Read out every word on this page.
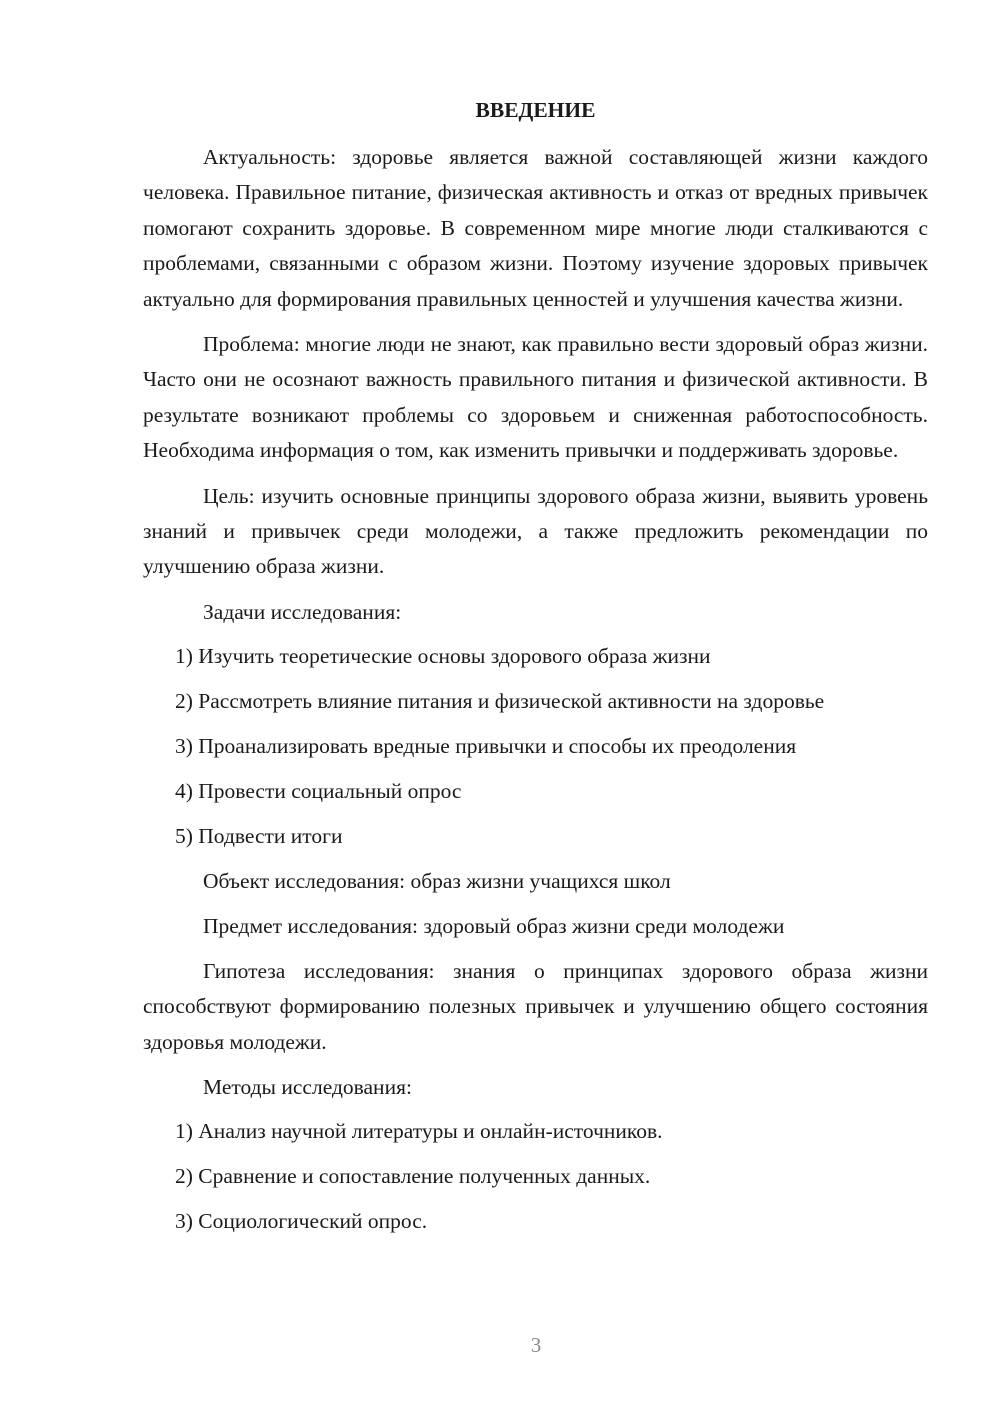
ВВЕДЕНИЕ

Актуальность: здоровье является важной составляющей жизни каждого человека. Правильное питание, физическая активность и отказ от вредных привычек помогают сохранить здоровье. В современном мире многие люди сталкиваются с проблемами, связанными с образом жизни. Поэтому изучение здоровых привычек актуально для формирования правильных ценностей и улучшения качества жизни.

Проблема: многие люди не знают, как правильно вести здоровый образ жизни. Часто они не осознают важность правильного питания и физической активности. В результате возникают проблемы со здоровьем и сниженная работоспособность. Необходима информация о том, как изменить привычки и поддерживать здоровье.

Цель: изучить основные принципы здорового образа жизни, выявить уровень знаний и привычек среди молодежи, а также предложить рекомендации по улучшению образа жизни.

Задачи исследования:

1) Изучить теоретические основы здорового образа жизни
2) Рассмотреть влияние питания и физической активности на здоровье
3) Проанализировать вредные привычки и способы их преодоления
4) Провести социальный опрос
5) Подвести итоги

Объект исследования: образ жизни учащихся школ

Предмет исследования: здоровый образ жизни среди молодежи

Гипотеза исследования: знания о принципах здорового образа жизни способствуют формированию полезных привычек и улучшению общего состояния здоровья молодежи.

Методы исследования:

1) Анализ научной литературы и онлайн-источников.
2) Сравнение и сопоставление полученных данных.
3) Социологический опрос.
3
